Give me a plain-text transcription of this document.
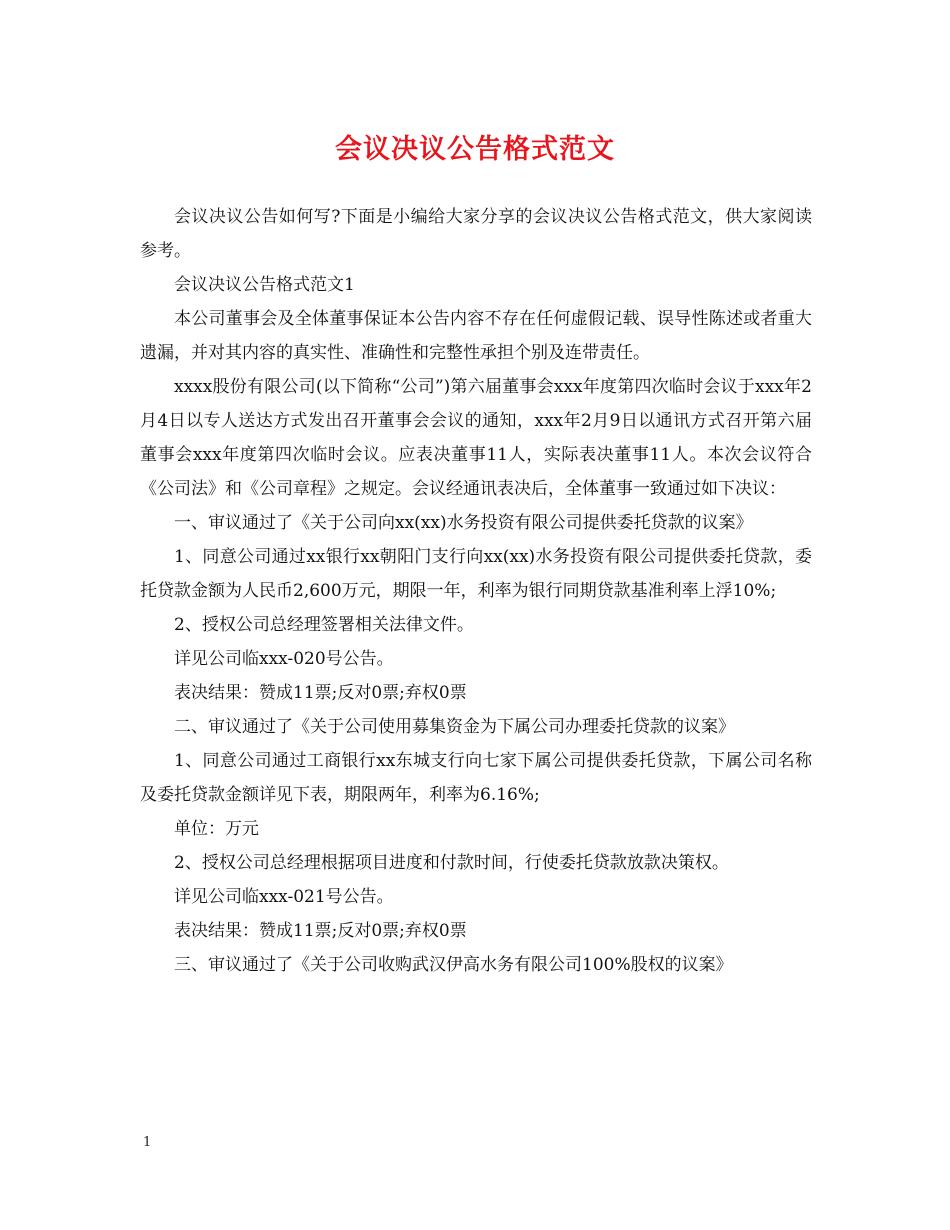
会议决议公告格式范文

会议决议公告如何写?下面是小编给大家分享的会议决议公告格式范文，供大家阅读参考。

会议决议公告格式范文1

本公司董事会及全体董事保证本公告内容不存在任何虚假记载、误导性陈述或者重大遗漏，并对其内容的真实性、准确性和完整性承担个别及连带责任。

xxxx股份有限公司(以下简称“公司”)第六届董事会xxx年度第四次临时会议于xxx年2月4日以专人送达方式发出召开董事会会议的通知，xxx年2月9日以通讯方式召开第六届董事会xxx年度第四次临时会议。应表决董事11人，实际表决董事11人。本次会议符合《公司法》和《公司章程》之规定。会议经通讯表决后，全体董事一致通过如下决议：

一、审议通过了《关于公司向xx(xx)水务投资有限公司提供委托贷款的议案》

1、同意公司通过xx银行xx朝阳门支行向xx(xx)水务投资有限公司提供委托贷款，委托贷款金额为人民币2,600万元，期限一年，利率为银行同期贷款基准利率上浮10%;

2、授权公司总经理签署相关法律文件。

详见公司临xxx-020号公告。

表决结果：赞成11票;反对0票;弃权0票

二、审议通过了《关于公司使用募集资金为下属公司办理委托贷款的议案》

1、同意公司通过工商银行xx东城支行向七家下属公司提供委托贷款，下属公司名称及委托贷款金额详见下表，期限两年，利率为6.16%;

单位：万元

2、授权公司总经理根据项目进度和付款时间，行使委托贷款放款决策权。

详见公司临xxx-021号公告。

表决结果：赞成11票;反对0票;弃权0票

三、审议通过了《关于公司收购武汉伊高水务有限公司100%股权的议案》

1
